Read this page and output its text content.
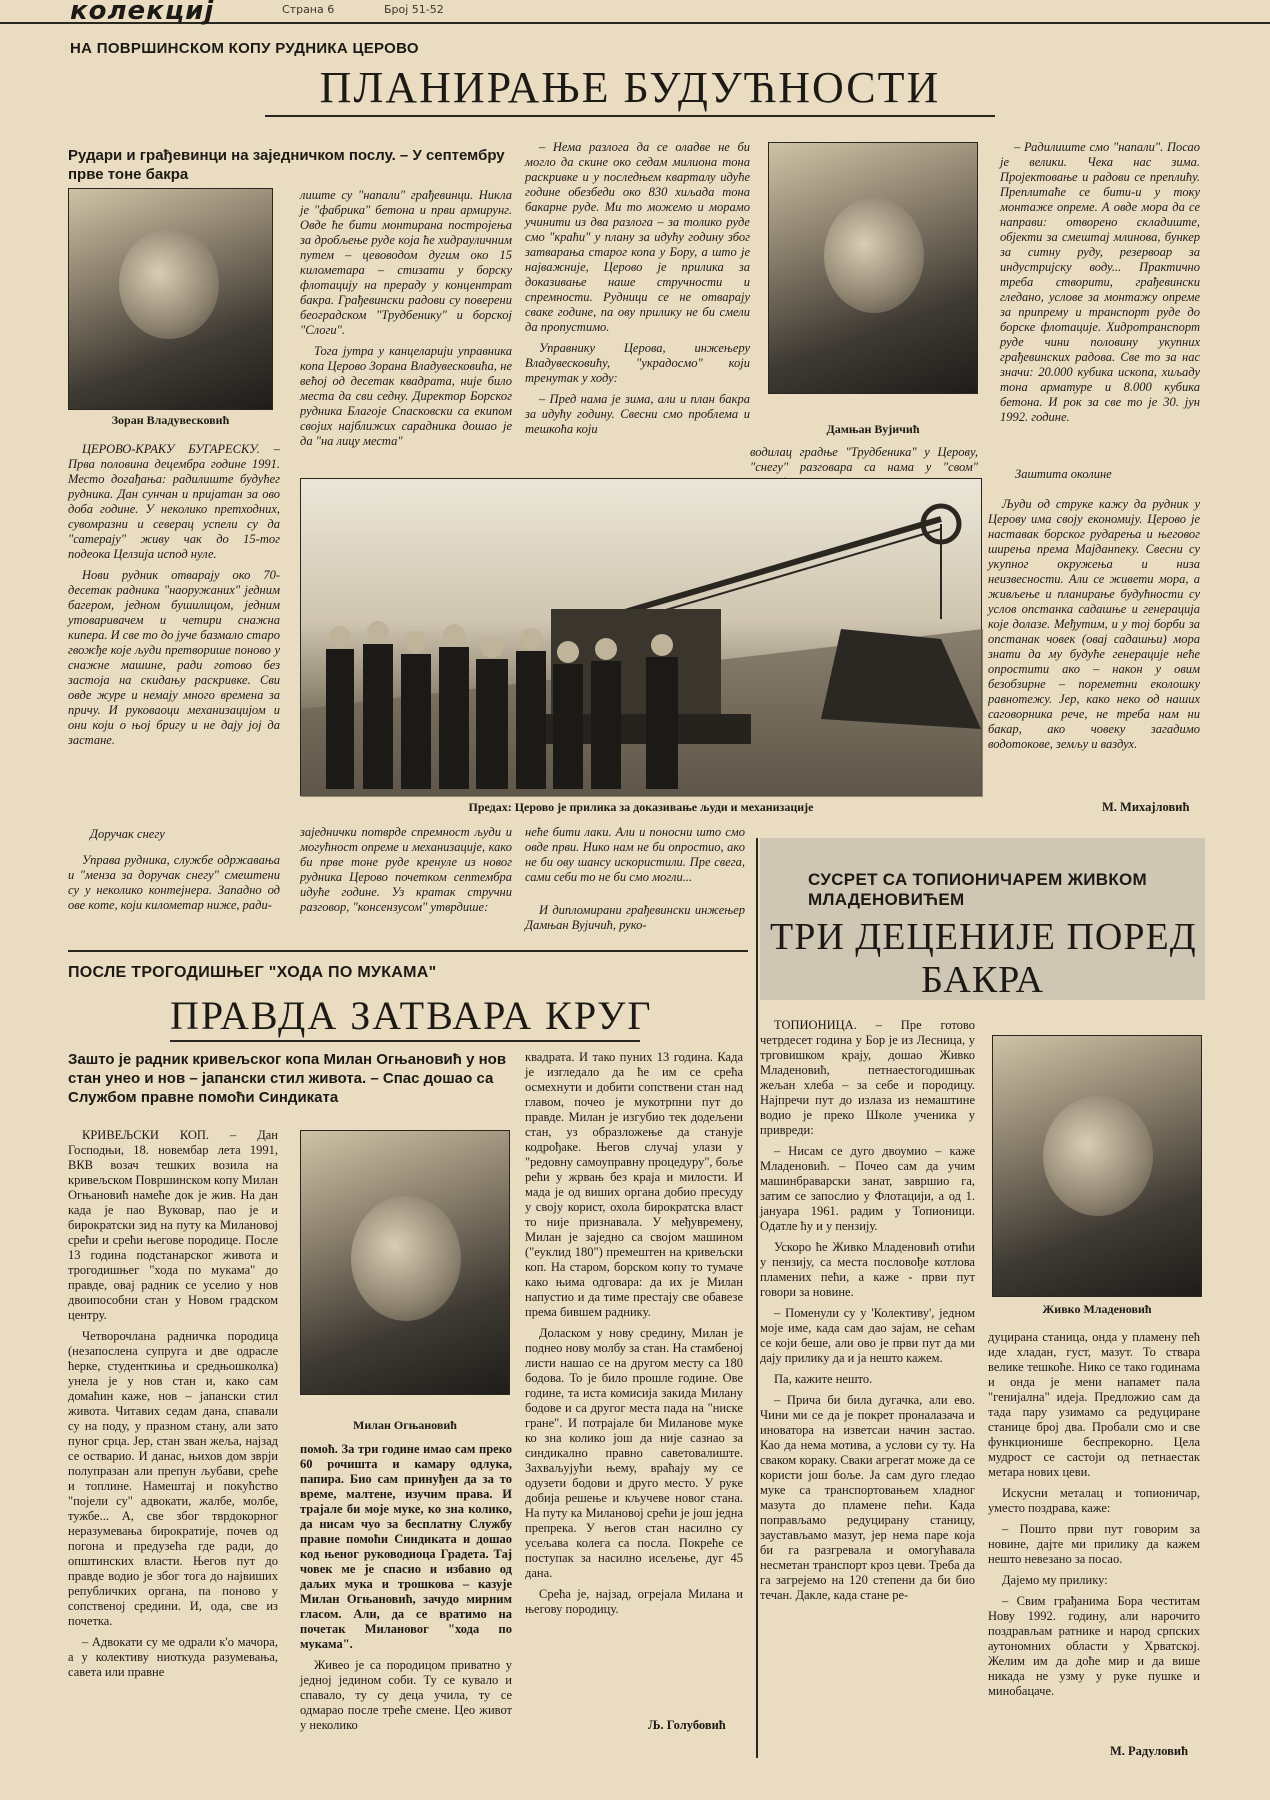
колекциј	Страна 6	Број 51-52
НА ПОВРШИНСКОМ КОПУ РУДНИКА ЦЕРОВО
ПЛАНИРАЊЕ БУДУЋНОСТИ
Рудари и грађевинци на заједничком послу. – У септембру прве тоне бакра
Зоран Владувесковић

ЦЕРОВО-КРАКУ БУГАРЕСКУ. – Прва половина децембра године 1991. Место догађања: радилиште будућег рудника. Дан сунчан и пријатан за ово доба године. У неколико претходних, сувомразни и северац успели су да "сатерају" живу чак до 15-тог подеока Целзија испод нуле.

Нови рудник отварају око 70-десетак радника "наоружаних" једним багером, једном бушилицом, једним утоваривачем и четири снажна кипера. И све то до јуче базмало старо гвожђе које људи претворише поново у снажне машине, ради готово без застоја на скидању раскривке. Сви овде журе и немају много времена за причу. И руковаоци механизацијом и они који о њој бригу и не дају јој да застане.

Доручак снегу

Управа рудника, службе одржавања и "менза за доручак снегу" смештени су у неколико контејнера. Западно од ове коте, који километар ниже, ради-

лиште су "напали" грађевинци. Никла је "фабрика" бетона и први армирунг. Овде ће бити монтирана постројења за дробљење руде која ће хидрауличним путем – цевоводом дугим око 15 километара – стизати у борску флотацију на прераду у концентрат бакра. Грађевински радови су поверени београдском "Трудбенику" и борској "Слоги".

Тога јутра у канцеларији управника копа Церово Зорана Владувесковића, не већој од десетак квадрата, није било места да сви седну. Директор Борског рудника Благоје Спасковски са екипом својих најближих сарадника дошао је да "на лицу места"

– Нема разлога да се оладве не би могло да скине око седам милиона тона раскривке и у последњем кварталу идуће године обезбеди око 830 хиљада тона бакарне руде. Ми то можемо и морамо учинити из два разлога – за толико руде смо "краћи" у плану за идућу годину због затварања старог копа у Бору, а што је најважније, Церово је прилика за доказивање наше стручности и спремности. Рудници се не отварају сваке године, па ову прилику не би смели да пропустимо.

Управнику Церова, инжењеру Владувесковићу, "украдосмо" који тренутак у ходу:

– Пред нама је зима, али и план бакра за идућу годину. Свесни смо проблема и тешкоћа који	Дамњан Вујичић

водилац градње "Трудбеника" у Церову, "снегу" разговара са нама у "свом"

– Радилиште смо "напали". Посао је велики. Чека нас зима. Пројектовање и радови се преплићу. Преплитаће се бити-и у току монтаже опреме. А овде мора да се направи: отворено складиште, објекти за смештај млинова, бункер за ситну руду, резервоар за индустријску воду... Практично треба створити, грађевински гледано, услове за монтажу опреме за припрему и транспорт руде до борске флотације. Хидротранспорт руде чини половину укупних грађевинских радова. Све то за нас значи: 20.000 кубика ископа, хиљаду тона арматуре и 8.000 кубика бетона. И рок за све то је 30. јун 1992. године.

Заштита околине

Људи од струке кажу да рудник у Церову има своју економију. Церово је наставак борског рударења и његовог ширења према Мајданпеку. Свесни су укупног окружења и низа неизвесности. Али се живети мора, а живљење и планирање будућности су услов опстанка садашње и генерација које долазе. Међутим, и у тој борби за опстанак човек (овај садашњи) мора знати да му будуће генерације неће опростити ако – након у овим безобзирне – пореметни еколошку равнотежу. Јер, како неко од наших саговорника рече, не треба нам ни бакар, ако човеку загадимо водотокове, земљу и ваздух.

Предах: Церово је прилика за доказивање људи и механизације

заједнички потврде спремност људи и могућност опреме и механизације, како би прве тоне руде кренуле из новог рудника Церово почетком септембра идуће године. Уз кратак стручни разговор, "консензусом" утврдише:

неће бити лаки. Али и поносни што смо овде први. Нико нам не би опростио, ако не би ову шансу искористили. Пре свега, сами себи то не би смо могли...

И дипломирани грађевински инжењер Дамњан Вујичић, руко-

М. Михајловић
СУСРЕТ СА ТОПИОНИЧАРЕМ ЖИВКОМ МЛАДЕНОВИЋЕМ
ТРИ ДЕЦЕНИЈЕ ПОРЕД
БАКРА
ПОСЛЕ ТРОГОДИШЊЕГ "ХОДА ПО МУКАМА"
ПРАВДА ЗАТВАРА КРУГ
Зашто је радник кривељског копа Милан Огњановић у нов стан унео и нов – јапански стил живота. – Спас дошао са Службом правне помоћи Синдиката

КРИВЕЉСКИ КОП. – Дан Господњи, 18. новембар лета 1991, ВКВ возач тешких возила на кривељском Површинском копу Милан Огњановић намеће док је жив. На дан када је пао Вуковар, пао је и бирократски зид на путу ка Милановој срећи и срећи његове породице. После 13 година подстанарског живота и трогодишњег "хода по мукама" до правде, овај радник се уселио у нов двоипособни стан у Новом градском центру.

Четворочлана радничка породица (незапослена супруга и две одрасле ћерке, студенткиња и средњошколка) унела је у нов стан и, како сам домаћин каже, нов – јапански стил живота. Читавих седам дана, спавали су на поду, у празном стану, али зато пуног срца. Јер, стан зван жеља, најзад се остварио. И данас, њихов дом зврји полупразан али препун љубави, среће и топлине. Намештај и покућство "појели су" адвокати, жалбе, молбе, тужбе... А, све због тврдокорног неразумевања бирократије, почев од погона и предузећа где ради, до општинских власти. Његов пут до правде водио је због тога до највиших републичких органа, па поново у сопственој средини. И, ода, све из почетка.

– Адвокати су ме одрали к'о мачора, а у колективу ниоткуда разумевања, савета или правне

Милан Огњановић

помоћ. За три године имао сам преко 60 рочишта и камару одлука, папира. Био сам принуђен да за то време, малтене, изучим права. И трајале би моје муке, ко зна колико, да нисам чуо за бесплатну Службу правне помоћи Синдиката и дошао код њеног руководиоца Градета. Тај човек ме је спасио и избавио од даљих мука и трошкова – казује Милан Огњановић, зачудо мирним гласом. Али, да се вратимо на почетак Милановог "хода по мукама".

Живео је са породицом приватно у једној једином соби. Ту се кувало и спавало, ту су деца учила, ту се одмарао после трећe смене. Цео живот у неколико

квадрата. И тако пуних 13 година. Када је изгледало да ће им се срећа осмехнути и добити сопствени стан над главом, почео је мукотрпни пут до правде. Милан је изгубио тек додељени стан, уз образложење да станује кодрођаке. Његов случај улази у "редовну самоуправну процедуру", боље рећи у жрвањ без краја и милости. И мада је од виших органа добио пресуду у своју корист, охола бирократска власт то није признавала. У међувремену, Милан је заједно са својом машином ("еуклид 180") премештен на кривељски коп. На старом, борском копу то тумаче како њима одговара: да их је Милан напустио и да тиме престају све обавезе према бившем раднику.

Доласком у нову средину, Милан је поднео нову молбу за стан. На стамбеној листи нашао се на другом месту са 180 бодова. То је било прошле године. Ове године, та иста комисија закида Милану бодове и са другог места пада на "ниске гране". И потрајале би Миланове муке ко зна колико још да није сазнао за синдикално правно саветовалиште. Захваљујући њему, враћају му се одузети бодови и друго место. У руке добија решење и кључеве новог стана. На путу ка Милановој срећи је још једна препрека. У његов стан насилно су усељава колега са посла. Покреће се поступак за насилно исељење, дуг 45 дана.

Срећа је, најзад, огрејала Милана и његову породицу.

Љ. Голубовић

ТОПИОНИЦА. – Пре готово четрдесет година у Бор је из Лесница, у трговишком крају, дошао Живко Младеновић, петнаестогодишњак жељан хлеба – за себе и породицу. Најпречи пут до излаза из немаштине водио је преко Школе ученика у привреди:

– Нисам се дуго двоумио – каже Младеновић. – Почео сам да учим машинбраварски занат, завршио га, затим се запослио у Флотацији, а од 1. јануара 1961. радим у Топионици. Одатле ћу и у пензију.

Ускоро ће Живко Младеновић отићи у пензију, са места пословође котлова пламених пећи, а каже - први пут говори за новине.

– Поменули су у 'Колективу', једном моје име, када сам дао зајам, не сећам се који беше, али ово је први пут да ми дају прилику да и ја нешто кажем.

Па, кажите нешто.

– Прича би била дугачка, али ево. Чини ми се да је покрет проналазача и иноватора на изветсаи начин застао. Као да нема мотива, а услови су ту. На сваком кораку. Сваки агрегат може да се користи још боље. Ја сам дуго гледао муке са транспортовањем хладног мазута до пламене пећи. Када поправљамо редуцирану станицу, заустављамо мазут, јер нема паре која би га разгревала и омогућавала несметан транспорт кроз цеви. Треба да га загрејемо на 120 степени да би био течан. Дакле, када стане ре-

Живко Младеновић

дуцирана станица, онда у пламену пећ иде хладан, густ, мазут. То ствара велике тешкоће. Нико се тако годинама и онда је мени напамет пала "генијална" идеја. Предложио сам да тада пару узимамо са редуциране станице број два. Пробали смо и све функционише беспрекорно. Цела мудрост се састоји од петнаестак метара нових цеви.

Искусни металац и топионичар, уместо поздрава, каже:

– Пошто први пут говорим за новине, дајте ми прилику да кажем нешто невезано за посао.

Дајемо му прилику:

– Свим грађанима Бора честитам Нову 1992. годину, али нарочито поздрављам ратнике и народ српских аутономних области у Хрватској. Желим им да доће мир и да више никада не узму у руке пушке и минобацаче.

М. Радуловић
